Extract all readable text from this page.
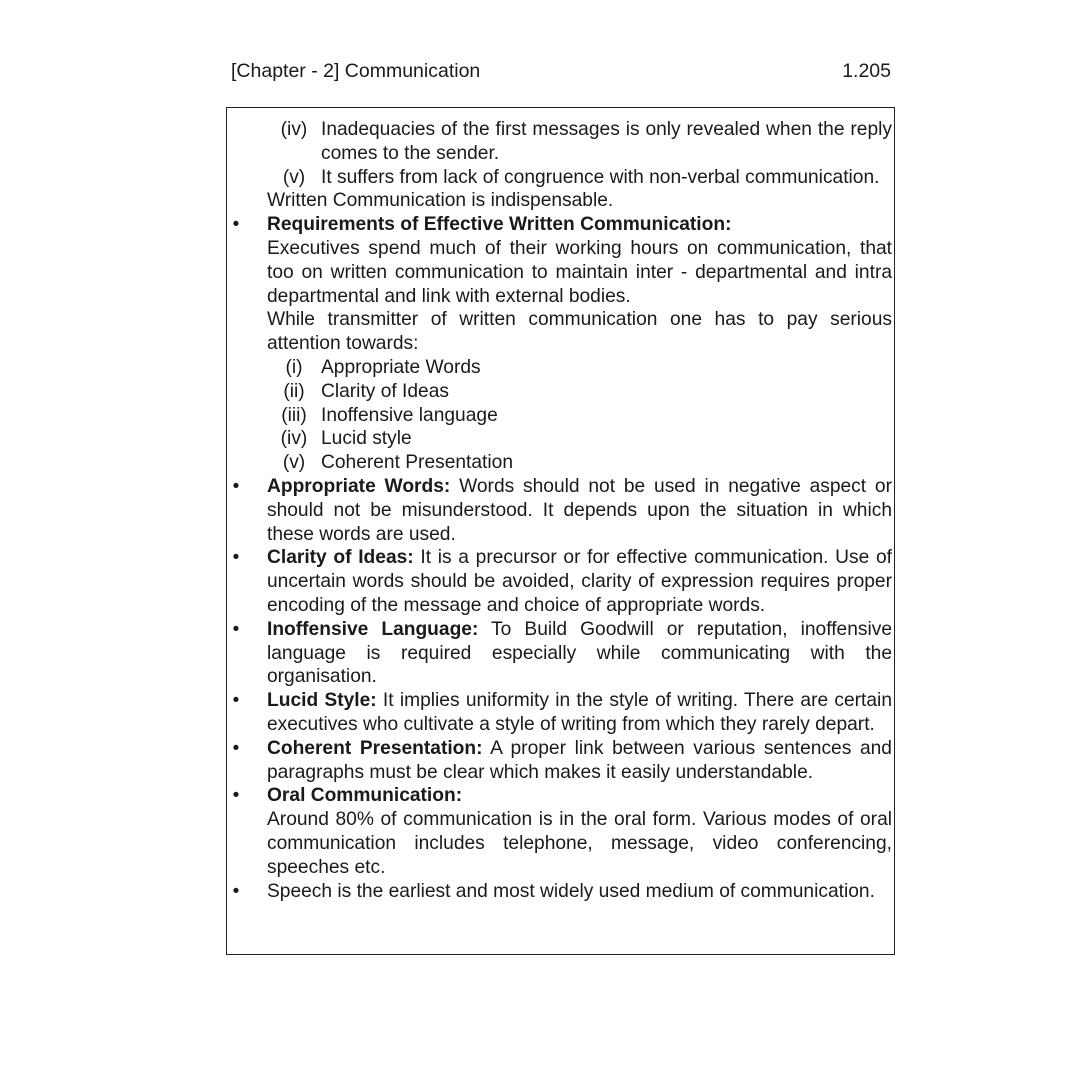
[Chapter - 2] Communication	1.205
(iv) Inadequacies of the first messages is only revealed when the reply comes to the sender.
(v) It suffers from lack of congruence with non-verbal communication.
Written Communication is indispensable.
• Requirements of Effective Written Communication:
Executives spend much of their working hours on communication, that too on written communication to maintain inter - departmental and intra departmental and link with external bodies.
While transmitter of written communication one has to pay serious attention towards:
(i) Appropriate Words
(ii) Clarity of Ideas
(iii) Inoffensive language
(iv) Lucid style
(v) Coherent Presentation
• Appropriate Words: Words should not be used in negative aspect or should not be misunderstood. It depends upon the situation in which these words are used.
• Clarity of Ideas: It is a precursor or for effective communication. Use of uncertain words should be avoided, clarity of expression requires proper encoding of the message and choice of appropriate words.
• Inoffensive Language: To Build Goodwill or reputation, inoffensive language is required especially while communicating with the organisation.
• Lucid Style: It implies uniformity in the style of writing. There are certain executives who cultivate a style of writing from which they rarely depart.
• Coherent Presentation: A proper link between various sentences and paragraphs must be clear which makes it easily understandable.
• Oral Communication:
Around 80% of communication is in the oral form. Various modes of oral communication includes telephone, message, video conferencing, speeches etc.
• Speech is the earliest and most widely used medium of communication.
